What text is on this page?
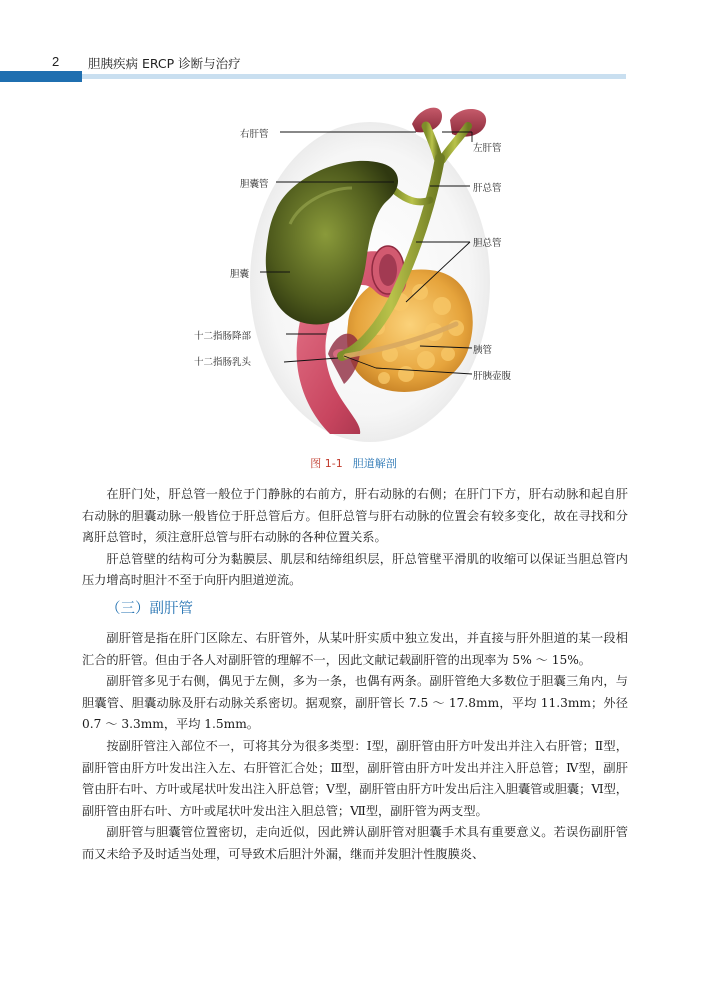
2 胆胰疾病 ERCP 诊断与治疗
右肝管
左肝管
胆囊管	肝总管
胆总管
胆囊
十二指肠降部
十二指肠乳头
胰管
肝胰壶腹
图 1-1 胆道解剖

在肝门处，肝总管一般位于门静脉的右前方，肝右动脉的右侧；在肝门下方，肝右动脉和起自肝右动脉的胆囊动脉一般皆位于肝总管后方。但肝总管与肝右动脉的位置会有较多变化，故在寻找和分离肝总管时，须注意肝总管与肝右动脉的各种位置关系。

肝总管壁的结构可分为黏膜层、肌层和结缔组织层，肝总管壁平滑肌的收缩可以保证当胆总管内压力增高时胆汁不至于向肝内胆道逆流。

（三）副肝管

副肝管是指在肝门区除左、右肝管外，从某叶肝实质中独立发出，并直接与肝外胆道的某一段相汇合的肝管。但由于各人对副肝管的理解不一，因此文献记载副肝管的出现率为 5% ～ 15%。

副肝管多见于右侧，偶见于左侧，多为一条，也偶有两条。副肝管绝大多数位于胆囊三角内，与胆囊管、胆囊动脉及肝右动脉关系密切。据观察，副肝管长 7.5 ～ 17.8mm，平均 11.3mm；外径 0.7 ～ 3.3mm，平均 1.5mm。

按副肝管注入部位不一，可将其分为很多类型：Ⅰ型，副肝管由肝方叶发出并注入右肝管；Ⅱ型，副肝管由肝方叶发出注入左、右肝管汇合处；Ⅲ型，副肝管由肝方叶发出并注入肝总管；Ⅳ型，副肝管由肝右叶、方叶或尾状叶发出注入肝总管；Ⅴ型，副肝管由肝方叶发出后注入胆囊管或胆囊；Ⅵ型，副肝管由肝右叶、方叶或尾状叶发出注入胆总管；Ⅶ型，副肝管为两支型。

副肝管与胆囊管位置密切，走向近似，因此辨认副肝管对胆囊手术具有重要意义。若误伤副肝管而又未给予及时适当处理，可导致术后胆汁外漏，继而并发胆汁性腹膜炎、
